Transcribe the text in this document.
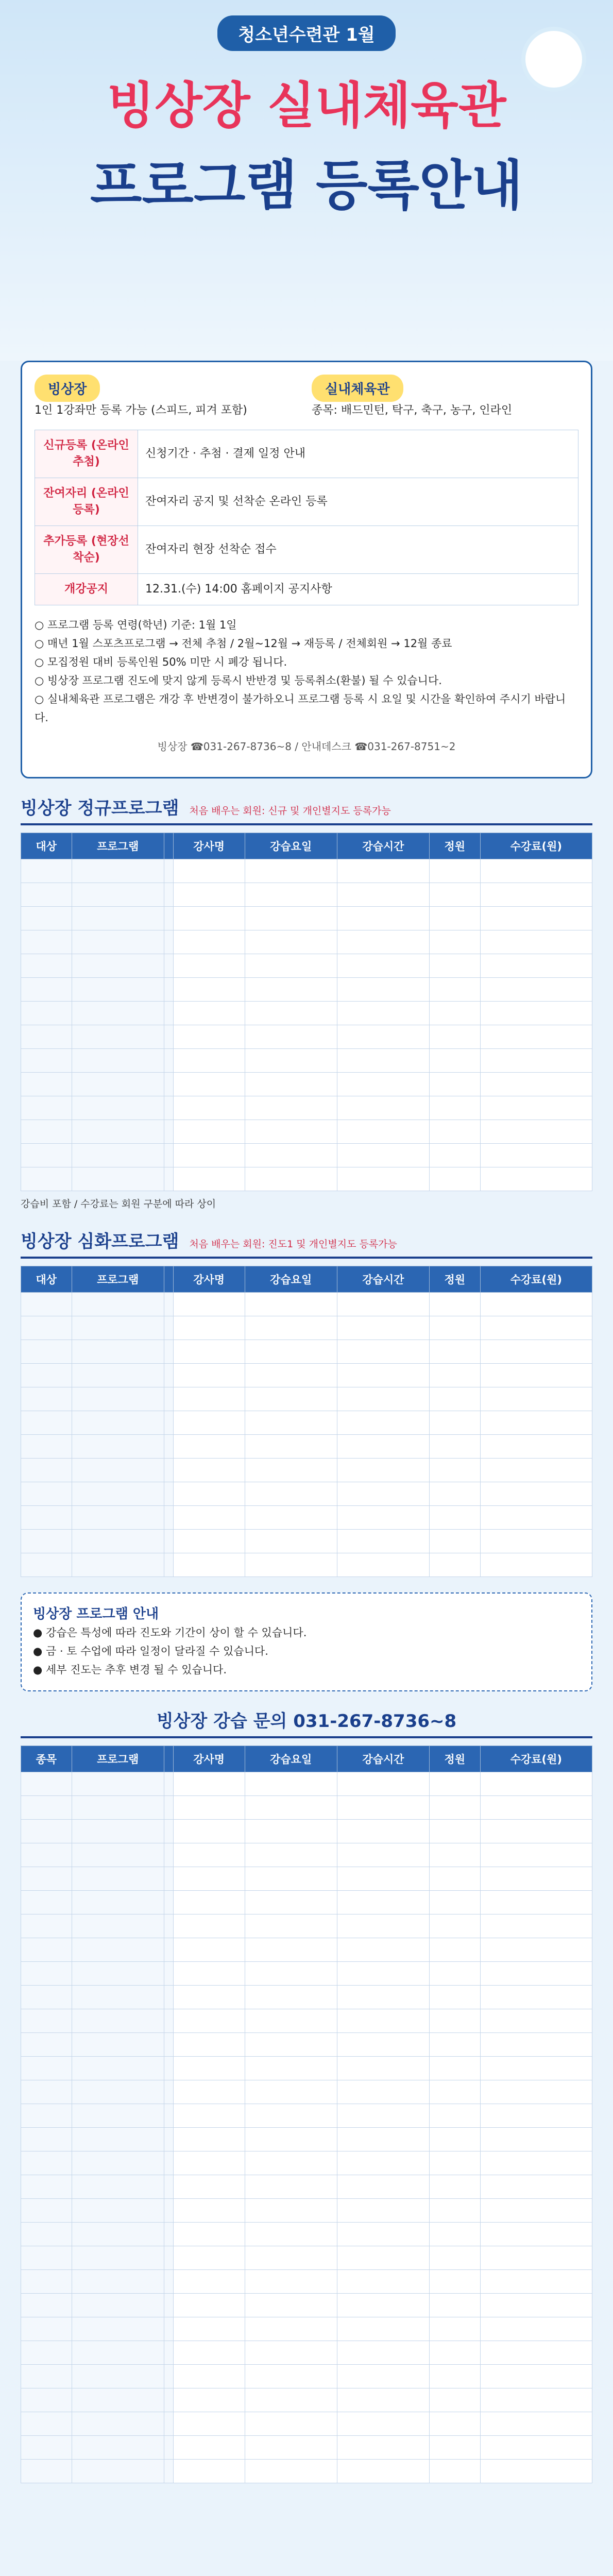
청소년수련관 1월
빙상장 실내체육관
프로그램 등록안내
빙상장

1인 1강좌만 등록 가능 (스피드, 피겨 포함)

실내체육관

종목: 배드민턴, 탁구, 축구, 농구, 인라인

신규등록 (온라인 추첨)	신청기간 · 추첨 · 결제 일정 안내
잔여자리 (온라인등록)	잔여자리 공지 및 선착순 온라인 등록
추가등록 (현장선착순)	잔여자리 현장 선착순 접수
개강공지	12.31.(수) 14:00 홈페이지 공지사항
○ 프로그램 등록 연령(학년) 기준: 1월 1일
○ 매년 1월 스포츠프로그램 → 전체 추첨 / 2월~12월 → 재등록 / 전체회원 → 12월 종료
○ 모집정원 대비 등록인원 50% 미만 시 폐강 됩니다.
○ 빙상장 프로그램 진도에 맞지 않게 등록시 반반경 및 등록취소(환불) 될 수 있습니다.
○ 실내체육관 프로그램은 개강 후 반변경이 불가하오니 프로그램 등록 시 요일 및 시간을 확인하여 주시기 바랍니다.
빙상장 ☎031-267-8736~8 / 안내데스크 ☎031-267-8751~2
빙상장 정규프로그램 처음 배우는 회원: 신규 및 개인별지도 등록가능
대상	프로그램		강사명	강습요일	강습시간	정원	수강료(원)

강습비 포함 / 수강료는 회원 구분에 따라 상이
빙상장 심화프로그램 처음 배우는 회원: 진도1 및 개인별지도 등록가능
대상	프로그램		강사명	강습요일	강습시간	정원	수강료(원)

빙상장 프로그램 안내
● 강습은 특성에 따라 진도와 기간이 상이 할 수 있습니다.
● 금 · 토 수업에 따라 일정이 달라질 수 있습니다.
● 세부 진도는 추후 변경 될 수 있습니다.
빙상장 강습 문의 031-267-8736~8
종목	프로그램		강사명	강습요일	강습시간	정원	수강료(원)
